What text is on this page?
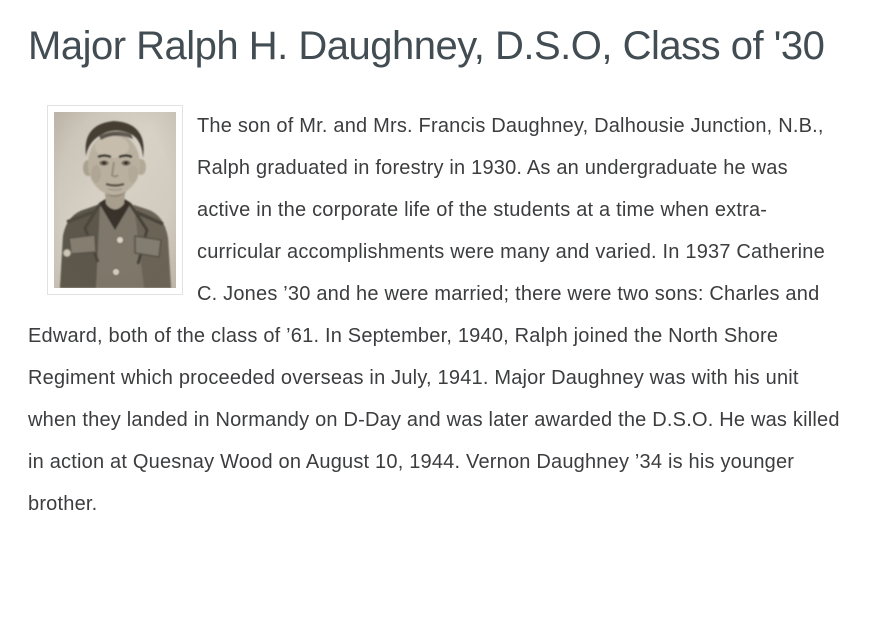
Major Ralph H. Daughney, D.S.O, Class of '30

The son of Mr. and Mrs. Francis Daughney, Dalhousie Junction, N.B., Ralph graduated in forestry in 1930. As an undergraduate he was active in the corporate life of the students at a time when extra-curricular accomplishments were many and varied. In 1937 Catherine C. Jones ’30 and he were married; there were two sons: Charles and Edward, both of the class of ’61. In September, 1940, Ralph joined the North Shore Regiment which proceeded overseas in July, 1941. Major Daughney was with his unit when they landed in Normandy on D-Day and was later awarded the D.S.O. He was killed in action at Quesnay Wood on August 10, 1944. Vernon Daughney ’34 is his younger brother.
